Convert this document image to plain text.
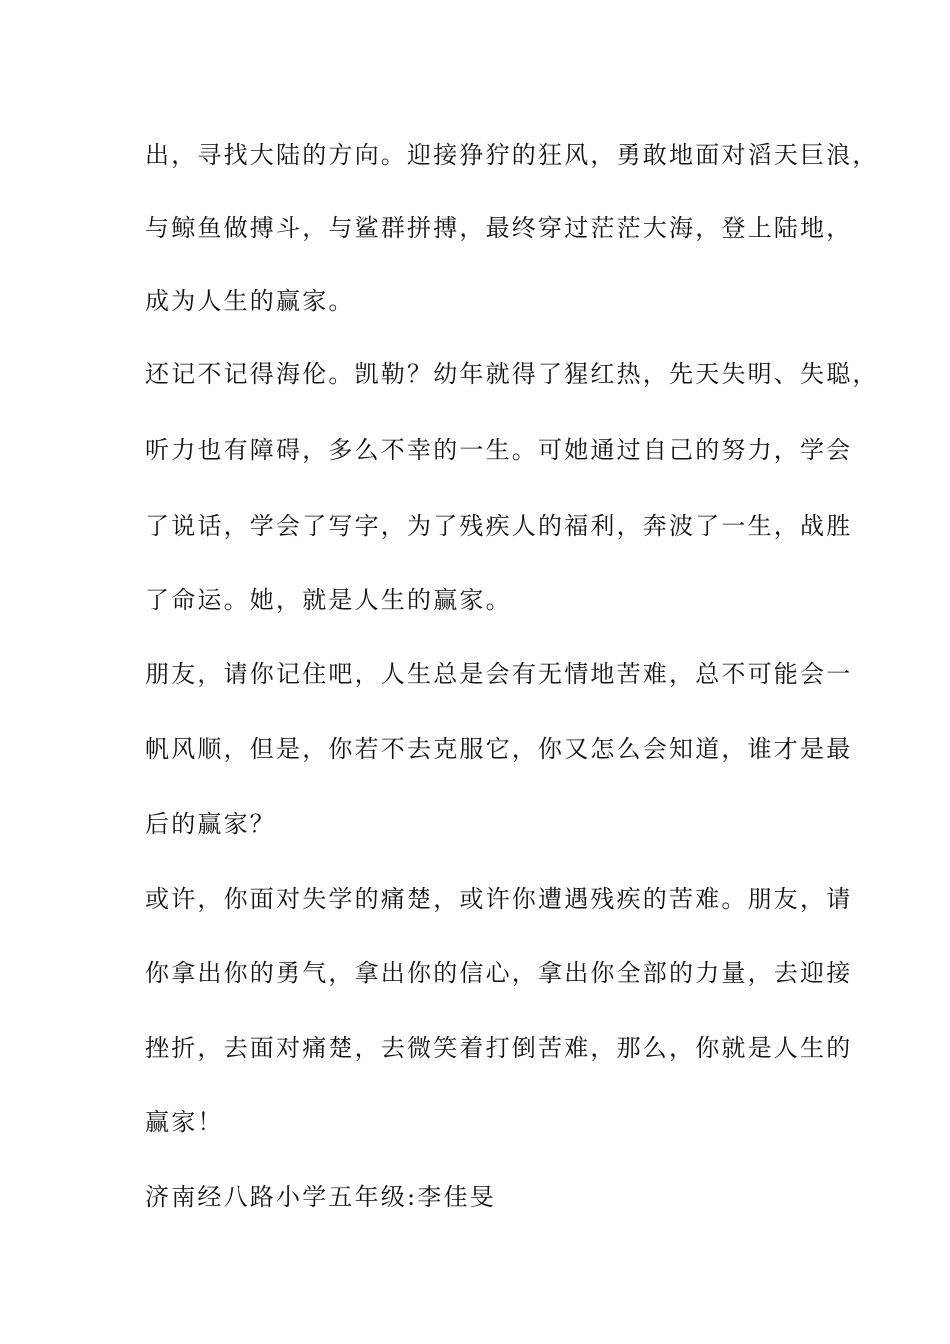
出，寻找大陆的方向。迎接狰狞的狂风，勇敢地面对滔天巨浪，
与鲸鱼做搏斗，与鲨群拼搏，最终穿过茫茫大海，登上陆地，
成为人生的赢家。
还记不记得海伦。凯勒？幼年就得了猩红热，先天失明、失聪，
听力也有障碍，多么不幸的一生。可她通过自己的努力，学会
了说话，学会了写字，为了残疾人的福利，奔波了一生，战胜
了命运。她，就是人生的赢家。
朋友，请你记住吧，人生总是会有无情地苦难，总不可能会一
帆风顺，但是，你若不去克服它，你又怎么会知道，谁才是最
后的赢家？
或许，你面对失学的痛楚，或许你遭遇残疾的苦难。朋友，请
你拿出你的勇气，拿出你的信心，拿出你全部的力量，去迎接
挫折，去面对痛楚，去微笑着打倒苦难，那么，你就是人生的
赢家！
济南经八路小学五年级:李佳旻
